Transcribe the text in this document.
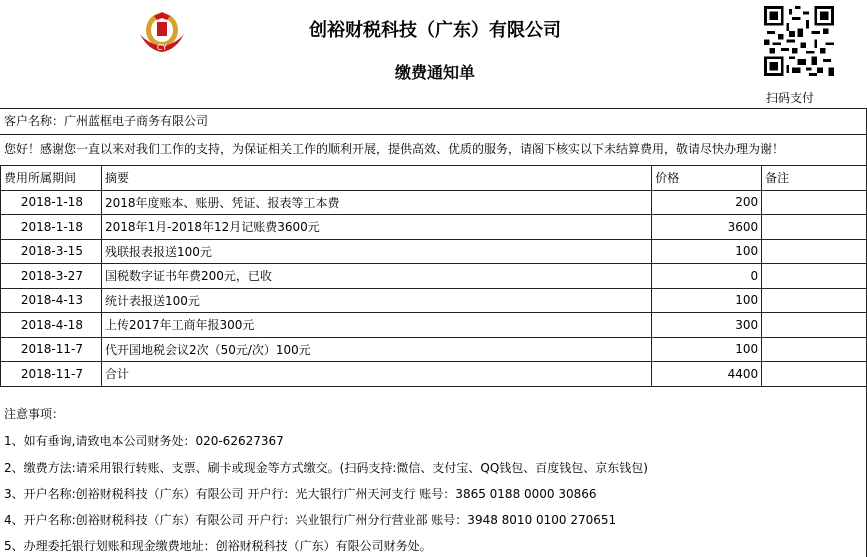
CY
创裕财税科技（广东）有限公司
缴费通知单
扫码支付
客户名称： 广州蓝框电子商务有限公司
您好！感谢您一直以来对我们工作的支持，为保证相关工作的顺利开展，提供高效、优质的服务，请阁下核实以下未结算费用，敬请尽快办理为谢！
费用所属期间	摘要	价格	备注
2018-1-18	2018年度账本、账册、凭证、报表等工本费	200	
2018-1-18	2018年1月-2018年12月记账费3600元	3600	
2018-3-15	残联报表报送100元	100	
2018-3-27	国税数字证书年费200元，已收	0	
2018-4-13	统计表报送100元	100	
2018-4-18	上传2017年工商年报300元	300	
2018-11-7	代开国地税会议2次（50元/次）100元	100	
2018-11-7	合计	4400	
注意事项：
1、如有垂询,请致电本公司财务处：020-62627367
2、缴费方法:请采用银行转账、支票、刷卡或现金等方式缴交。(扫码支持:微信、支付宝、QQ钱包、百度钱包、京东钱包)
3、开户名称:创裕财税科技（广东）有限公司 开户行：光大银行广州天河支行 账号：3865 0188 0000 30866
4、开户名称:创裕财税科技（广东）有限公司 开户行：兴业银行广州分行营业部 账号：3948 8010 0100 270651
5、办理委托银行划账和现金缴费地址：创裕财税科技（广东）有限公司财务处。
